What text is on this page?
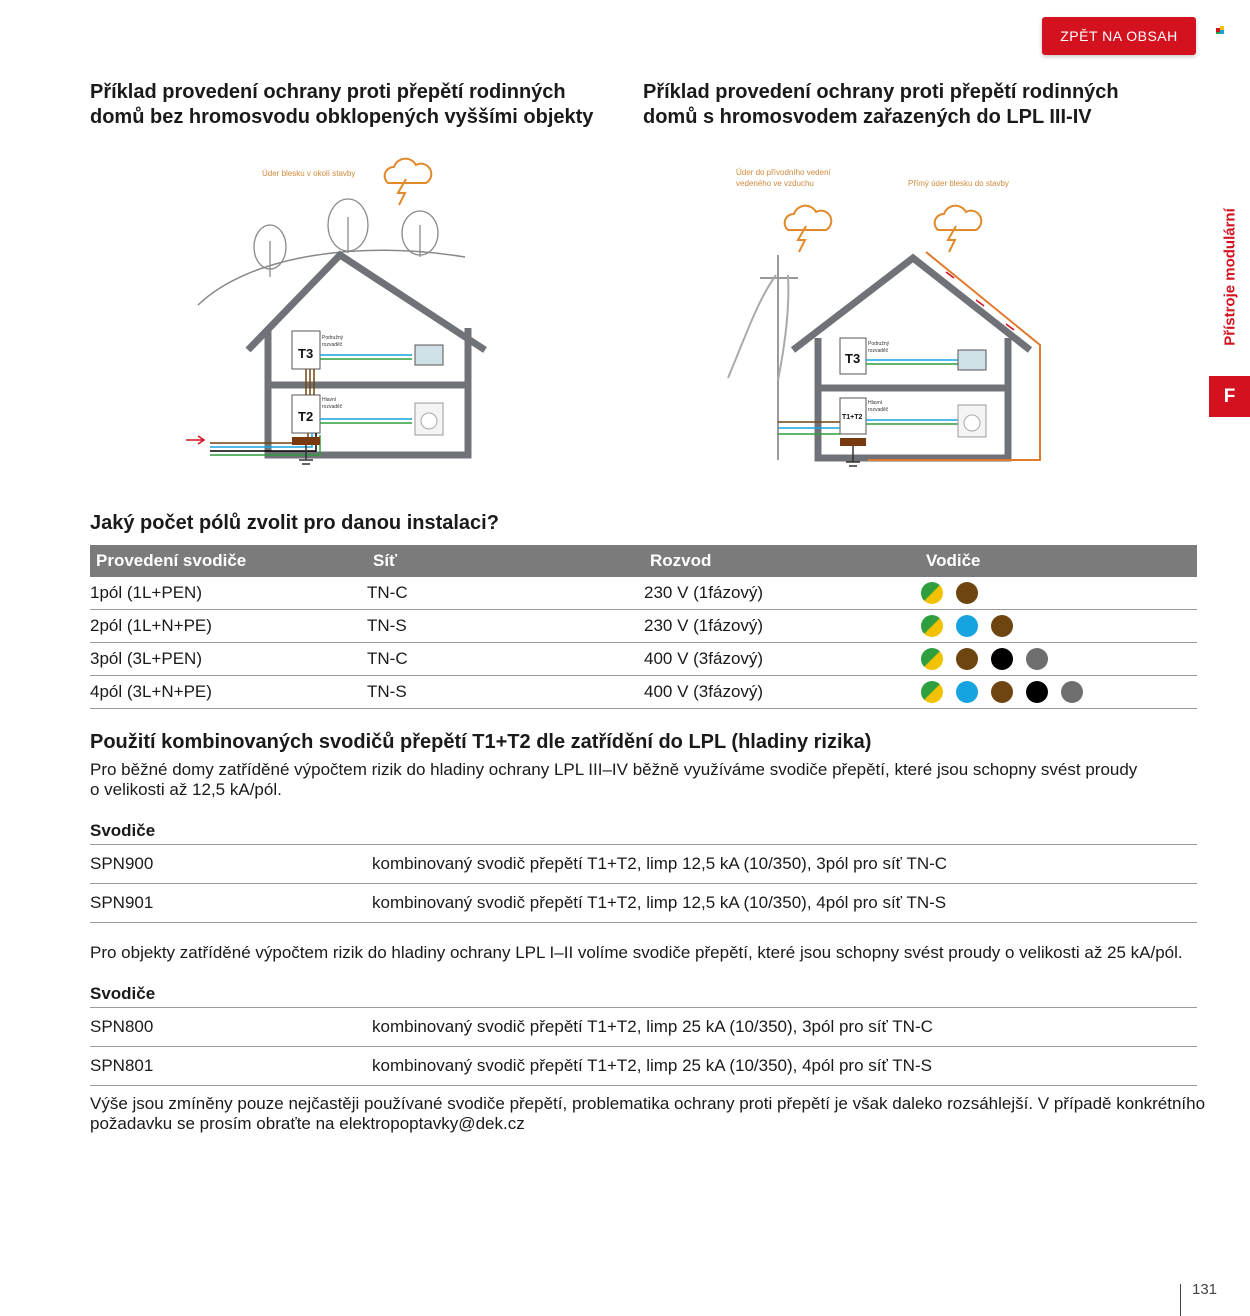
ZPĚT NA OBSAH
Přístroje modulární
F
Příklad provedení ochrany proti přepětí rodinných
domů bez hromosvodu obklopených vyššími objekty
Příklad provedení ochrany proti přepětí rodinných
domů s hromosvodem zařazených do LPL III-IV
Úder blesku v okolí stavby
T3
T2
Podružný
rozvaděč
Hlavní
rozvaděč
Úder do přívodního vedení
vedeného ve vzduchu	Přímý úder blesku do stavby
T3
T1+T2
Podružný
rozvaděč
Hlavní
rozvaděč
Jaký počet pólů zvolit pro danou instalaci?
Provedení svodiče	Síť	Rozvod	Vodiče
1pól (1L+PEN)	TN-C	230 V (1fázový)	
2pól (1L+N+PE)	TN-S	230 V (1fázový)	
3pól (3L+PEN)	TN-C	400 V (3fázový)	
4pól (3L+N+PE)	TN-S	400 V (3fázový)	
Použití kombinovaných svodičů přepětí T1+T2 dle zatřídění do LPL (hladiny rizika)
Pro běžné domy zatříděné výpočtem rizik do hladiny ochrany LPL III–IV běžně využíváme svodiče přepětí, které jsou schopny svést proudy
o velikosti až 12,5 kA/pól.
Svodiče
SPN900	kombinovaný svodič přepětí T1+T2, limp 12,5 kA (10/350), 3pól pro síť TN-C
SPN901	kombinovaný svodič přepětí T1+T2, limp 12,5 kA (10/350), 4pól pro síť TN-S
Pro objekty zatříděné výpočtem rizik do hladiny ochrany LPL I–II volíme svodiče přepětí, které jsou schopny svést proudy o velikosti až 25 kA/pól.
Svodiče
SPN800	kombinovaný svodič přepětí T1+T2, limp 25 kA (10/350), 3pól pro síť TN-C
SPN801	kombinovaný svodič přepětí T1+T2, limp 25 kA (10/350), 4pól pro síť TN-S
Výše jsou zmíněny pouze nejčastěji používané svodiče přepětí, problematika ochrany proti přepětí je však daleko rozsáhlejší. V případě konkrétního
požadavku se prosím obraťte na elektropoptavky@dek.cz
131
